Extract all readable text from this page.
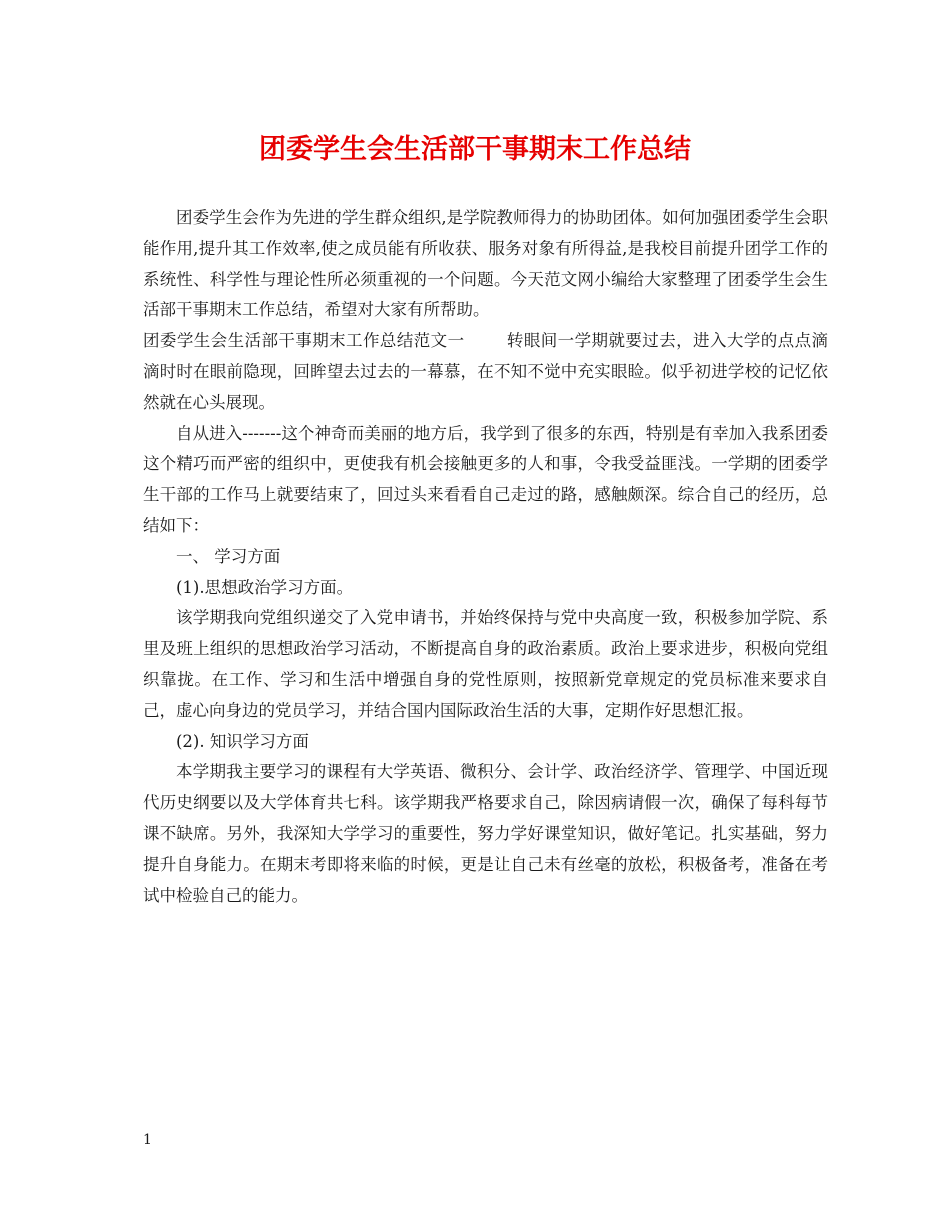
团委学生会生活部干事期末工作总结

团委学生会作为先进的学生群众组织,是学院教师得力的协助团体。如何加强团委学生会职能作用,提升其工作效率,使之成员能有所收获、服务对象有所得益,是我校目前提升团学工作的系统性、科学性与理论性所必须重视的一个问题。今天范文网小编给大家整理了团委学生会生活部干事期末工作总结，希望对大家有所帮助。

团委学生会生活部干事期末工作总结范文一	转眼间一学期就要过去，进入大学的点点滴滴时时在眼前隐现，回眸望去过去的一幕慕，在不知不觉中充实眼睑。似乎初进学校的记忆依然就在心头展现。

自从进入-------这个神奇而美丽的地方后，我学到了很多的东西，特别是有幸加入我系团委这个精巧而严密的组织中，更使我有机会接触更多的人和事，令我受益匪浅。一学期的团委学生干部的工作马上就要结束了，回过头来看看自己走过的路，感触颇深。综合自己的经历，总结如下：

一、 学习方面

(1).思想政治学习方面。

该学期我向党组织递交了入党申请书，并始终保持与党中央高度一致，积极参加学院、系里及班上组织的思想政治学习活动，不断提高自身的政治素质。政治上要求进步，积极向党组织靠拢。在工作、学习和生活中增强自身的党性原则，按照新党章规定的党员标准来要求自己，虚心向身边的党员学习，并结合国内国际政治生活的大事，定期作好思想汇报。

(2). 知识学习方面

本学期我主要学习的课程有大学英语、微积分、会计学、政治经济学、管理学、中国近现代历史纲要以及大学体育共七科。该学期我严格要求自己，除因病请假一次，确保了每科每节课不缺席。另外，我深知大学学习的重要性，努力学好课堂知识，做好笔记。扎实基础，努力提升自身能力。在期末考即将来临的时候，更是让自己未有丝毫的放松，积极备考，准备在考试中检验自己的能力。

1
